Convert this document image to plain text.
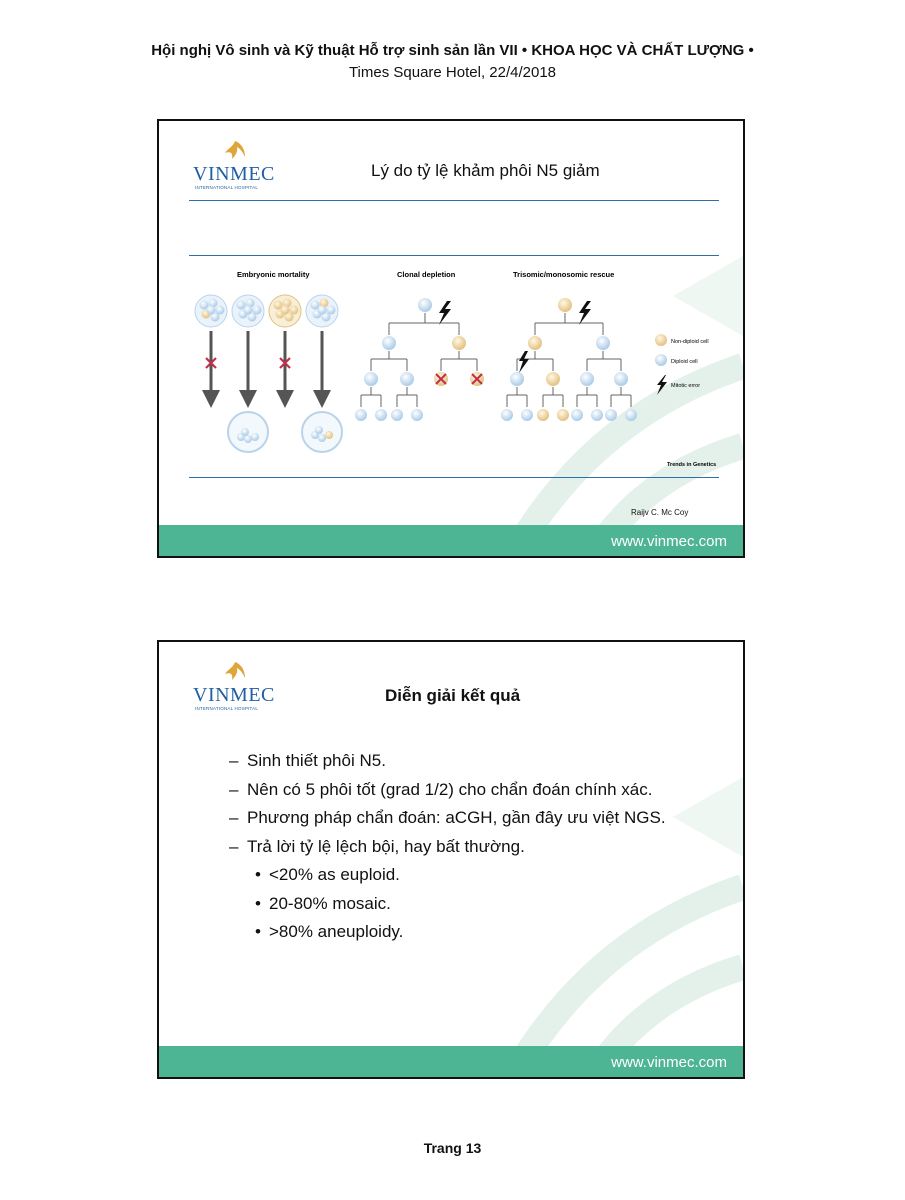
Hội nghị Vô sinh và Kỹ thuật Hỗ trợ sinh sản lần VII • KHOA HỌC VÀ CHẤT LƯỢNG •
Times Square Hotel, 22/4/2018
VINMEC
INTERNATIONAL HOSPITAL
Lý do tỷ lệ khảm phôi N5 giảm
Embryonic mortality	Clonal depletion	Trisomic/monosomic rescue
Non-diploid cell
Diploid cell
Mitotic error
Trends in Genetics
Raijv C. Mc Coy
www.vinmec.com
VINMEC
INTERNATIONAL HOSPITAL
Diễn giải kết quả
– Sinh thiết phôi N5.
– Nên có 5 phôi tốt (grad 1/2) cho chẩn đoán chính xác.
– Phương pháp chẩn đoán: aCGH, gần đây ưu việt NGS.
– Trả lời tỷ lệ lệch bội, hay bất thường.
• <20% as euploid.
• 20-80% mosaic.
• >80% aneuploidy.
www.vinmec.com
Trang 13
